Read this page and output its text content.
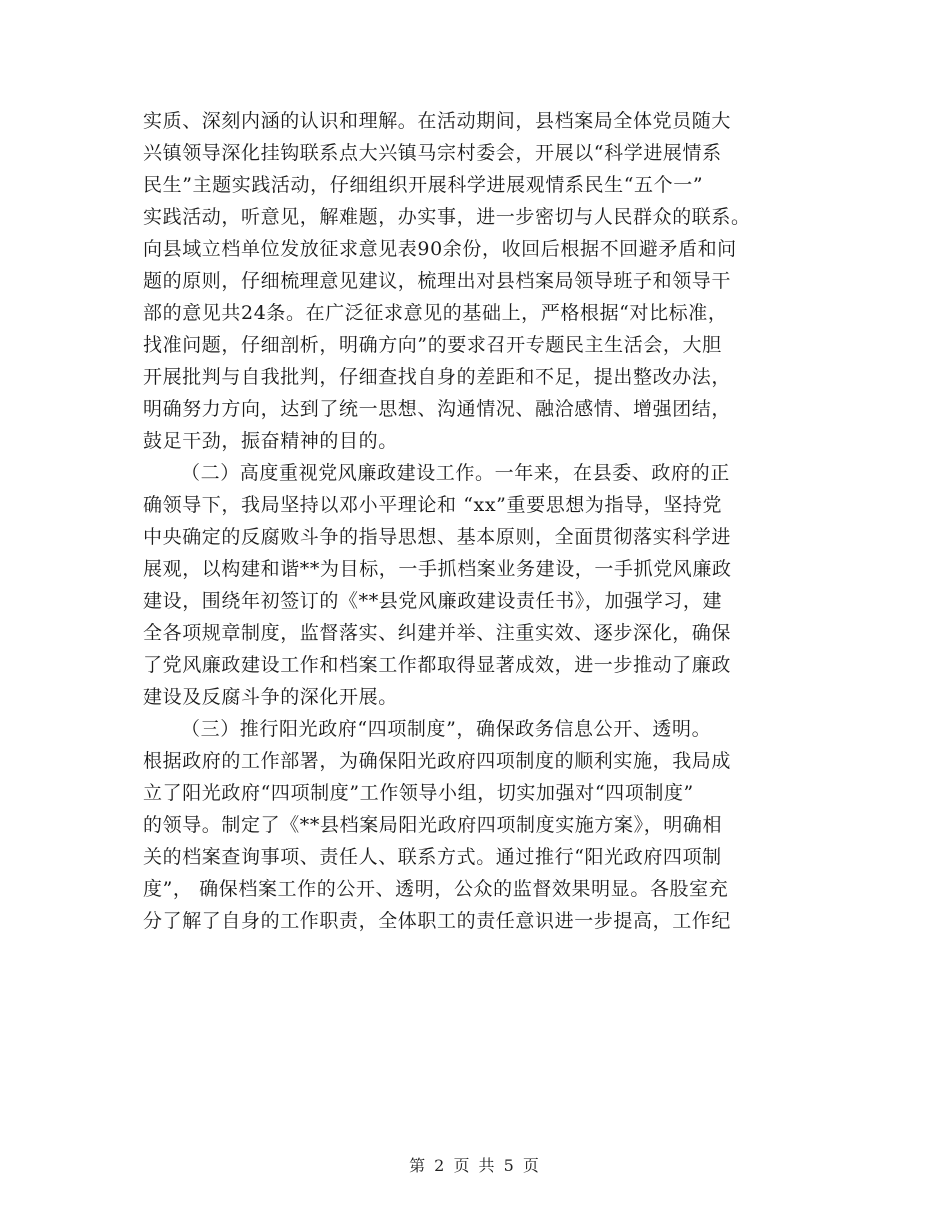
实质、深刻内涵的认识和理解。在活动期间，县档案局全体党员随大
兴镇领导深化挂钩联系点大兴镇马宗村委会，开展以“科学进展情系
民生”主题实践活动，仔细组织开展科学进展观情系民生“五个一”
实践活动，听意见，解难题，办实事，进一步密切与人民群众的联系。
向县域立档单位发放征求意见表90余份，收回后根据不回避矛盾和问
题的原则，仔细梳理意见建议，梳理出对县档案局领导班子和领导干
部的意见共24条。在广泛征求意见的基础上，严格根据“对比标准，
找准问题，仔细剖析，明确方向”的要求召开专题民主生活会，大胆
开展批判与自我批判，仔细查找自身的差距和不足，提出整改办法，
明确努力方向，达到了统一思想、沟通情况、融洽感情、增强团结，
鼓足干劲，振奋精神的目的。
（二）高度重视党风廉政建设工作。一年来，在县委、政府的正
确领导下，我局坚持以邓小平理论和 “xx”重要思想为指导，坚持党
中央确定的反腐败斗争的指导思想、基本原则，全面贯彻落实科学进
展观，以构建和谐**为目标，一手抓档案业务建设，一手抓党风廉政
建设，围绕年初签订的《**县党风廉政建设责任书》，加强学习，建
全各项规章制度，监督落实、纠建并举、注重实效、逐步深化，确保
了党风廉政建设工作和档案工作都取得显著成效，进一步推动了廉政
建设及反腐斗争的深化开展。
（三）推行阳光政府“四项制度”，确保政务信息公开、透明。
根据政府的工作部署，为确保阳光政府四项制度的顺利实施，我局成
立了阳光政府“四项制度”工作领导小组，切实加强对“四项制度”
的领导。制定了《**县档案局阳光政府四项制度实施方案》，明确相
关的档案查询事项、责任人、联系方式。通过推行“阳光政府四项制
度”， 确保档案工作的公开、透明，公众的监督效果明显。各股室充
分了解了自身的工作职责，全体职工的责任意识进一步提高，工作纪
第 2 页 共 5 页
